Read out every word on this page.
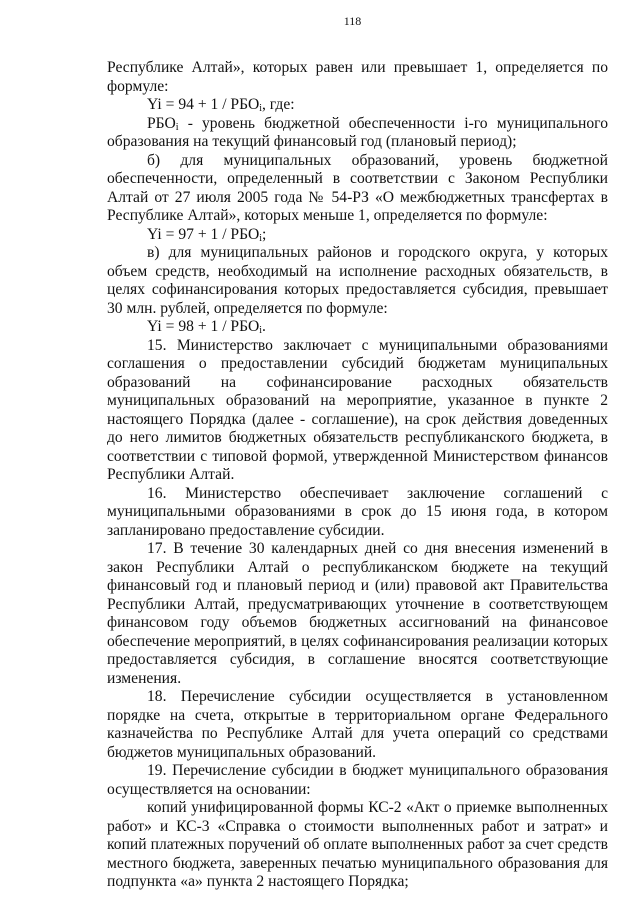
118

Республике Алтай», которых равен или превышает 1, определяется по формуле:

$Yi = 94 + 1 / РБО_i$, где:

$РБО_i$ - уровень бюджетной обеспеченности i-го муниципального образования на текущий финансовый год (плановый период);

б) для муниципальных образований, уровень бюджетной обеспеченности, определенный в соответствии с Законом Республики Алтай от 27 июля 2005 года № 54-РЗ «О межбюджетных трансфертах в Республике Алтай», которых меньше 1, определяется по формуле:

$Yi = 97 + 1 / РБО_i$;

в) для муниципальных районов и городского округа, у которых объем средств, необходимый на исполнение расходных обязательств, в целях софинансирования которых предоставляется субсидия, превышает 30 млн. рублей, определяется по формуле:

$Yi = 98 + 1 / РБО_i$.

15. Министерство заключает с муниципальными образованиями соглашения о предоставлении субсидий бюджетам муниципальных образований на софинансирование расходных обязательств муниципальных образований на мероприятие, указанное в пункте 2 настоящего Порядка (далее - соглашение), на срок действия доведенных до него лимитов бюджетных обязательств республиканского бюджета, в соответствии с типовой формой, утвержденной Министерством финансов Республики Алтай.

16. Министерство обеспечивает заключение соглашений с муниципальными образованиями в срок до 15 июня года, в котором запланировано предоставление субсидии.

17. В течение 30 календарных дней со дня внесения изменений в закон Республики Алтай о республиканском бюджете на текущий финансовый год и плановый период и (или) правовой акт Правительства Республики Алтай, предусматривающих уточнение в соответствующем финансовом году объемов бюджетных ассигнований на финансовое обеспечение мероприятий, в целях софинансирования реализации которых предоставляется субсидия, в соглашение вносятся соответствующие изменения.

18. Перечисление субсидии осуществляется в установленном порядке на счета, открытые в территориальном органе Федерального казначейства по Республике Алтай для учета операций со средствами бюджетов муниципальных образований.

19. Перечисление субсидии в бюджет муниципального образования осуществляется на основании:

копий унифицированной формы КС-2 «Акт о приемке выполненных работ» и КС-3 «Справка о стоимости выполненных работ и затрат» и копий платежных поручений об оплате выполненных работ за счет средств местного бюджета, заверенных печатью муниципального образования для подпункта «а» пункта 2 настоящего Порядка;
